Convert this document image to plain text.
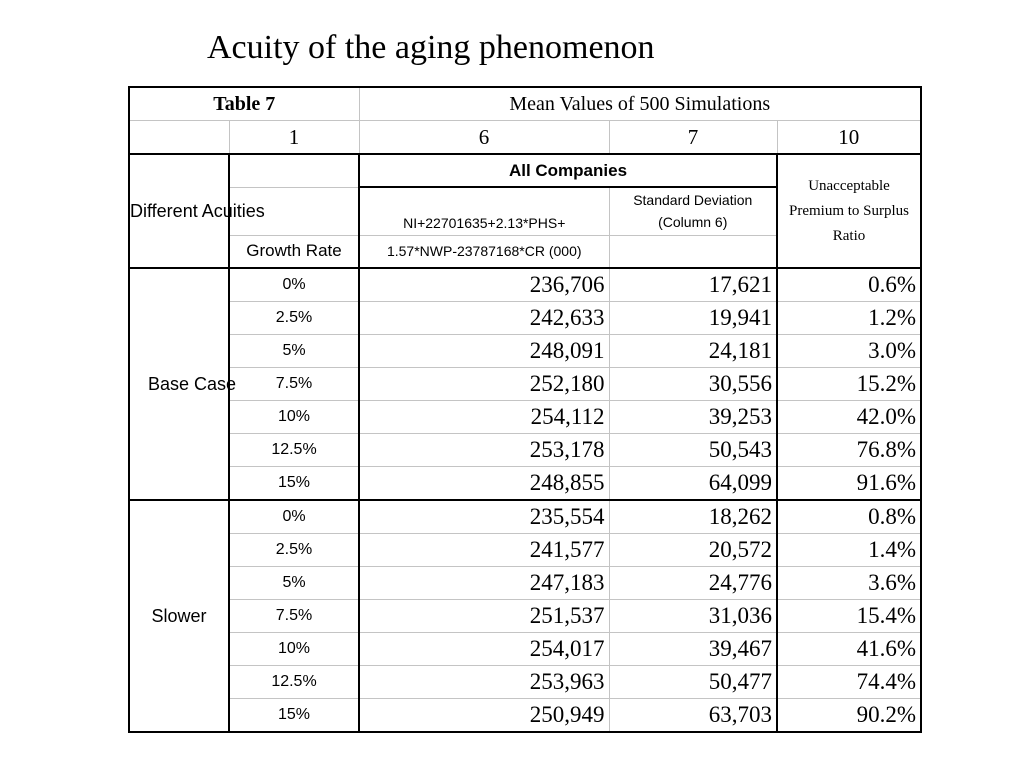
Acuity of the aging phenomenon
Table 7		Mean Values of 500 Simulations		
	1	6	7	10
Different Acuities		All Companies		Unacceptable Premium to Surplus Ratio
		NI+22701635+2.13*PHS+	Standard Deviation (Column 6)	
	Growth Rate	1.57*NWP-23787168*CR (000)		
Base Case	0%	236,706	17,621	0.6%
	2.5%	242,633	19,941	1.2%
	5%	248,091	24,181	3.0%
	7.5%	252,180	30,556	15.2%
	10%	254,112	39,253	42.0%
	12.5%	253,178	50,543	76.8%
	15%	248,855	64,099	91.6%
Slower	0%	235,554	18,262	0.8%
	2.5%	241,577	20,572	1.4%
	5%	247,183	24,776	3.6%
	7.5%	251,537	31,036	15.4%
	10%	254,017	39,467	41.6%
	12.5%	253,963	50,477	74.4%
	15%	250,949	63,703	90.2%
